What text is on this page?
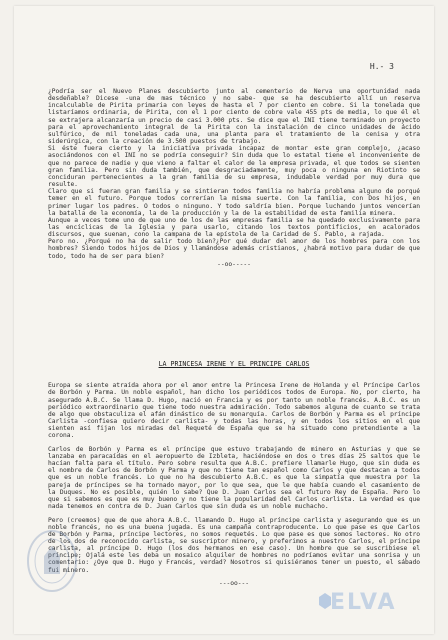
H.- 3

¿Podría ser el Nuevo Planes descubierto junto al cementerio de Nerva una oportunidad nada desdeñable? Dicese -una de mas técnico y no sabe- que se ha descubierto allí un reserva incalculable de Pirita primaria con leyes de hasta el 7 por ciento en cobre. Si la tonelada que listaríamos ordinaria, de Pirita, con el 1 por ciento de cobre vale 455 pts de media, lo que él el se extrajera alcanzaría un precio de casi 3.000 pts. Se dice que el INI tiene terminado un proyecto para el aprovechamiento integral de la Pirita con la instalación de cinco unidades de ácido sulfúrico, de mil toneladas cada una, una planta para el tratamiento de la cenisa y otra siderúrgica, con la creación de 3.500 puestos de trabajo.

Si éste fuera cierto y la iniciativa privada incapaz de montar este gran complejo, ¿acaso asociándonos con el INI no se podría conseguir? Sin duda que lo estatal tiene el inconveniente de que no parece de nadie y que vieno a faltar el calor de la empresa privada, el que todos se sienten gran familia. Pero sin duda también, que desgraciadamente, muy poca o ninguna en Riotinto se conciduran pertenecientes a la gran familia de su empresa, indudable verdad por muy dura que resulte.

Claro que si fueran gran familia y se sintieran todos familia no habría problema alguno de porqué temer en el futuro. Porque todos correrían la misma suerte. Con la familia, con Dos hijos, en primer lugar los padres. O todos o ninguno. Y todo saldría bien. Porque luchando juntos vencerían la batalla de la economía, la de la producción y la de la estabilidad de esta familia minera.

Aunque a veces tome uno de que uno de los de las empresas familia se ha quedado exclusivamente para las encíclicas de la Iglesia y para usarlo, citando los textos pontificios, en acalorados discursos, que suenan, cono la campana de la epístola de la Caridad de S. Pablo, a rajada.

Pero no. ¿Porqué no ha de salir todo bien?¿Por qué dudar del amor de los hombres para con los hombres? Siendo todos hijos de Dios y llamándose además cristianos, ¿habrá motivo para dudar de que todo, todo ha de ser para bien?

--oo-----
LA PRINCESA IRENE Y EL PRINCIPE CARLOS

Europa se siente atraída ahora por el amor entre la Princesa Irene de Holanda y el Príncipe Carlos de Borbón y Parma. Un noble español, han dicho los periódicos todos de Europa. No, por cierto, ha asegurado A.B.C. Se llama D. Hugo, nació en Francia y es por tanto un noble francés. A.B.C. es un periódico extraordinario que tiene todo nuestra admiración. Todo sabemos alguna de cuanto se trata de algo que obstaculiza el afán dinástico de su monarquía. Carlos de Borbón y Parma es el príncipe Carlista -confiesa quiero decir carlista- y todas las horas, y en todos los sitios en el que sienten así fijan los miradas del Requeté de España que se ha situado como pretendiente a la corona.

Carlos de Borbón y Parma es el príncipe que estuvo trabajando de minero en Asturias y que se lanzaba en paracaídas en el aeropuerto de Izbleta, haciéndose en dos o tres días 25 saltos que le hacían falta para el título. Pero sobre resulta que A.B.C. prefiere llamarle Hugo, que sin duda es el nombre de Carlos de Borbón y Parma y que no tiene tan español como Carlos y que destacan a todos que es un noble francés. Lo que no ha descubierto A.B.C. es que la simpatía que muestra por la pareja de príncipes se ha tornado mayor, por lo que sea, que le que había cuando el casamiento de la Duques. No es posible, quién lo sabe? Que D. Juan Carlos sea el futuro Rey de España. Pero lo que si sabemos es que es muy bueno y no tiene la popularidad del Carlos carlista. La verdad es que nada tenemos en contra de D. Juan Carlos que sin duda es un noble muchacho.

Pero (creemos) que de que ahora A.B.C. llamando D. Hugo al príncipe carlista y asegurando que es un noble francés, no es una buena jugada. Es una campaña contraproducente. Lo que pase es que Carlos de Borbón y Parma, príncipe lectores, no somos requetés. Lo que pase es que somos lectores. No otro de los dos de reconocido carlista, se suscriptor minero, y preferimos a nuestro Carlos, el príncipe carlista, al príncipe D. Hugo (los dos hermanos en ese caso). Un hombre que se suscribiese el príncipe; Ojalá este les deba un mosaico alquiler de hombres no podríamos evitar una sonrisa y un comentario: ¿Oye que D. Hugo y Francés, verdad? Nosotros si quisiéramos tener un puesto, el sábado fui minero.

---oo---
ELVA
